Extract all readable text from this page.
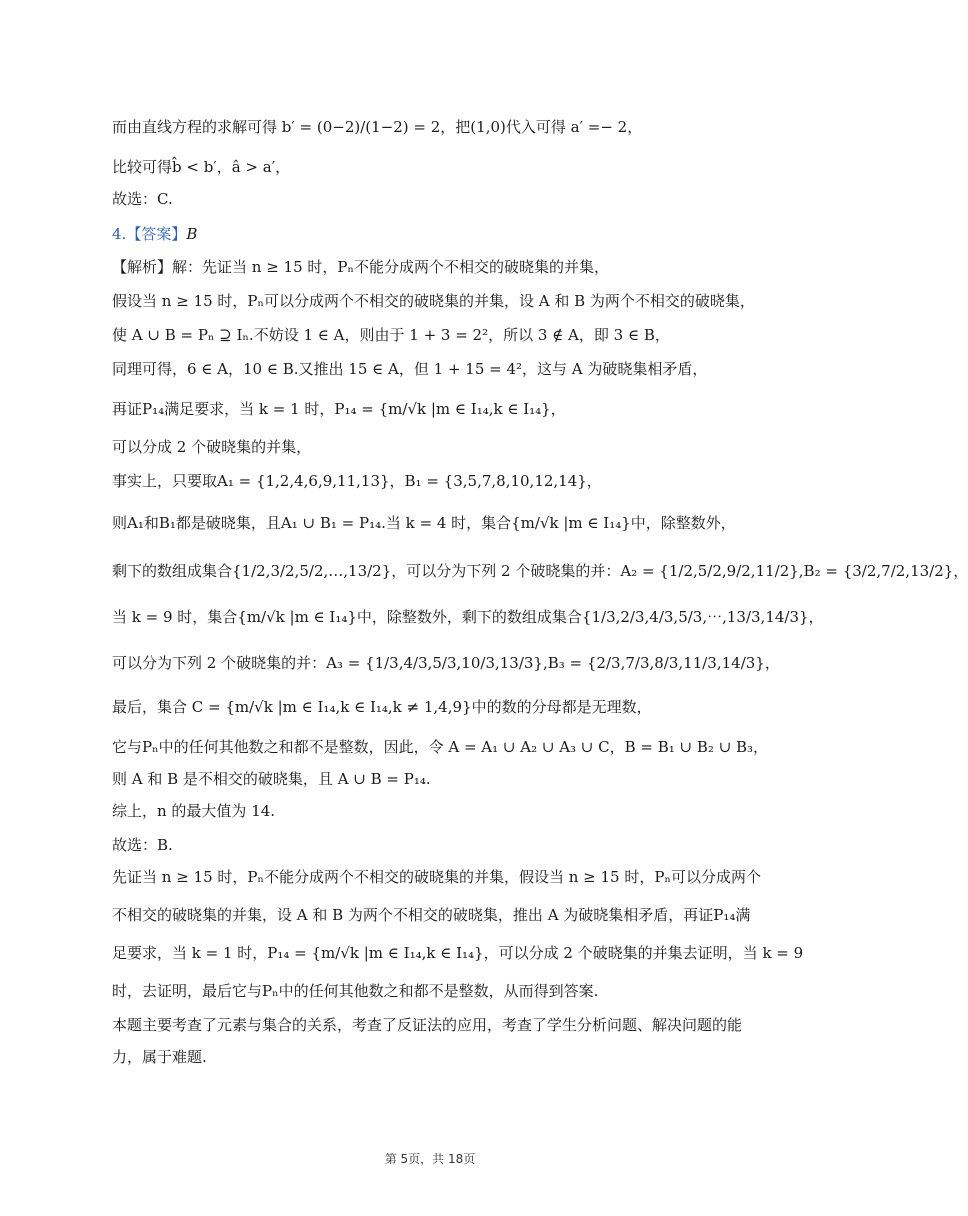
而由直线方程的求解可得 b′ = (0−2)/(1−2) = 2，把(1,0)代入可得 a′ =− 2，
比较可得b̂ < b′，â > a′，
故选：C.
4.【答案】B
【解析】解：先证当 n ≥ 15 时，Pₙ不能分成两个不相交的破晓集的并集，
假设当 n ≥ 15 时，Pₙ可以分成两个不相交的破晓集的并集，设 A 和 B 为两个不相交的破晓集，
使 A ∪ B = Pₙ ⊇ Iₙ.不妨设 1 ∈ A，则由于 1 + 3 = 2²，所以 3 ∉ A，即 3 ∈ B，
同理可得，6 ∈ A，10 ∈ B.又推出 15 ∈ A，但 1 + 15 = 4²，这与 A 为破晓集相矛盾，
再证P₁₄满足要求，当 k = 1 时，P₁₄ = {m/√k |m ∈ I₁₄,k ∈ I₁₄}，
可以分成 2 个破晓集的并集，
事实上，只要取A₁ = {1,2,4,6,9,11,13}，B₁ = {3,5,7,8,10,12,14}，
则A₁和B₁都是破晓集，且A₁ ∪ B₁ = P₁₄.当 k = 4 时，集合{m/√k |m ∈ I₁₄}中，除整数外，
剩下的数组成集合{1/2,3/2,5/2,…,13/2}，可以分为下列 2 个破晓集的并：A₂ = {1/2,5/2,9/2,11/2},B₂ = {3/2,7/2,13/2}，
当 k = 9 时，集合{m/√k |m ∈ I₁₄}中，除整数外，剩下的数组成集合{1/3,2/3,4/3,5/3,⋯,13/3,14/3}，
可以分为下列 2 个破晓集的并：A₃ = {1/3,4/3,5/3,10/3,13/3},B₃ = {2/3,7/3,8/3,11/3,14/3}，
最后，集合 C = {m/√k |m ∈ I₁₄,k ∈ I₁₄,k ≠ 1,4,9}中的数的分母都是无理数，
它与Pₙ中的任何其他数之和都不是整数，因此，令 A = A₁ ∪ A₂ ∪ A₃ ∪ C，B = B₁ ∪ B₂ ∪ B₃，
则 A 和 B 是不相交的破晓集，且 A ∪ B = P₁₄.
综上，n 的最大值为 14.
故选：B.
先证当 n ≥ 15 时，Pₙ不能分成两个不相交的破晓集的并集，假设当 n ≥ 15 时，Pₙ可以分成两个
不相交的破晓集的并集，设 A 和 B 为两个不相交的破晓集，推出 A 为破晓集相矛盾，再证P₁₄满
足要求，当 k = 1 时，P₁₄ = {m/√k |m ∈ I₁₄,k ∈ I₁₄}，可以分成 2 个破晓集的并集去证明，当 k = 9
时，去证明，最后它与Pₙ中的任何其他数之和都不是整数，从而得到答案.
本题主要考查了元素与集合的关系，考查了反证法的应用，考查了学生分析问题、解决问题的能
力，属于难题.
第 5页，共 18页
